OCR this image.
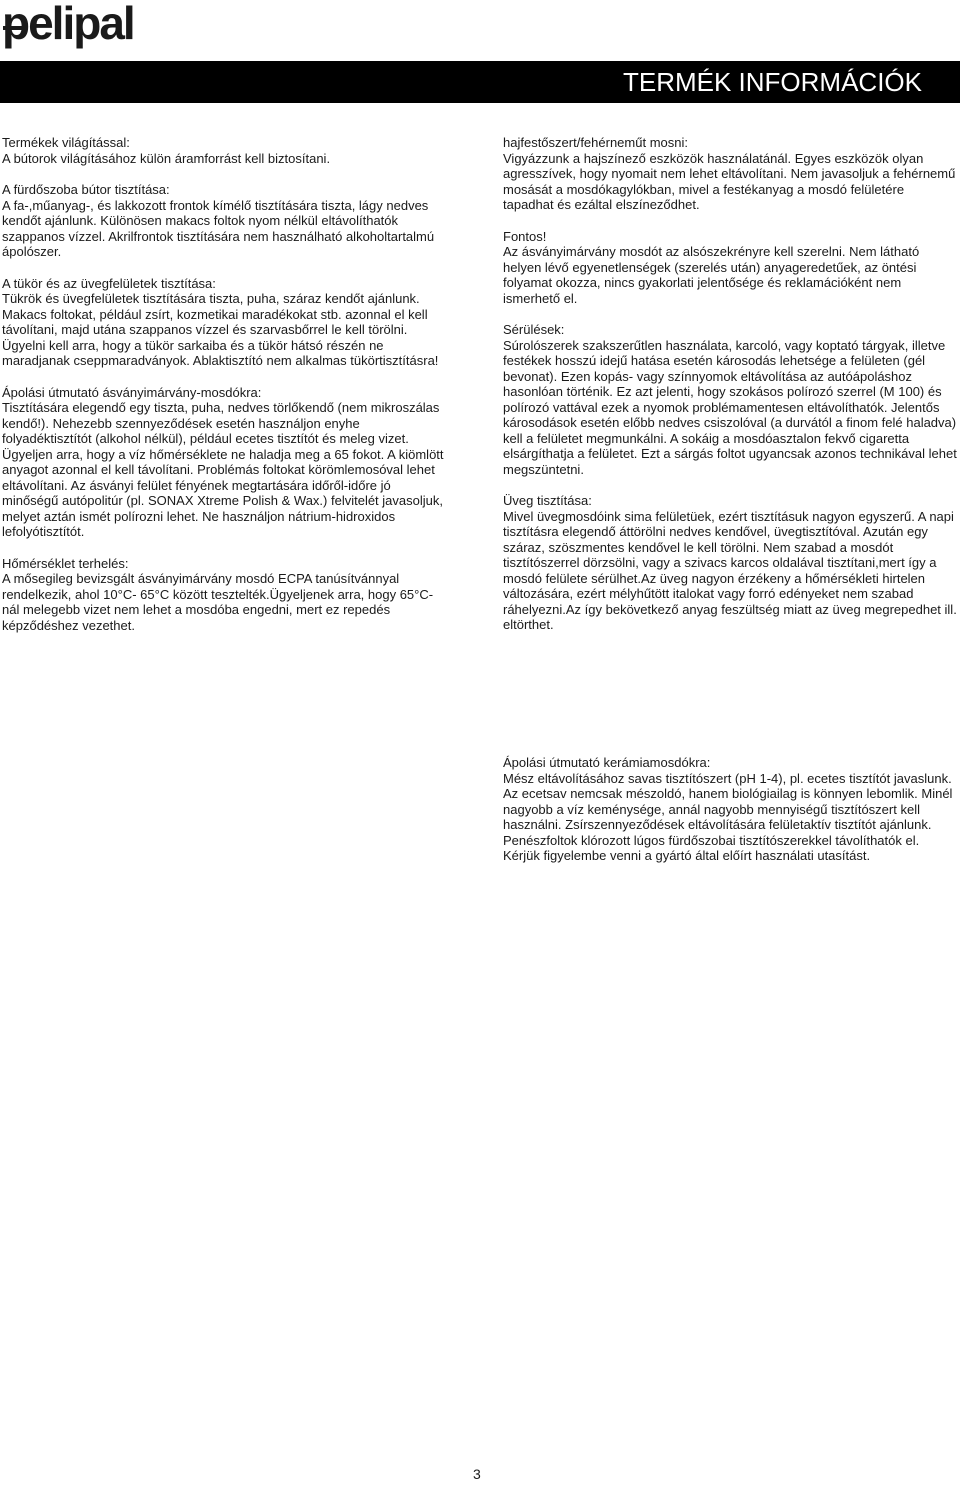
pelipal
TERMÉK INFORMÁCIÓK

Termékek világítással:

A bútorok világításához külön áramforrást kell biztosítani.

A fürdőszoba bútor tisztítása:

A fa-,műanyag-, és lakkozott frontok kímélő tisztítására tiszta, lágy nedves kendőt ajánlunk. Különösen makacs foltok nyom nélkül eltávolíthatók szappanos vízzel. Akrilfrontok tisztítására nem használható alkoholtartalmú ápolószer.

A tükör és az üvegfelületek tisztítása:

Tükrök és üvegfelületek tisztítására tiszta, puha, száraz kendőt ajánlunk. Makacs foltokat, például zsírt, kozmetikai maradékokat stb. azonnal el kell távolítani, majd utána szappanos vízzel és szarvasbőrrel le kell törölni. Ügyelni kell arra, hogy a tükör sarkaiba és a tükör hátsó részén ne maradjanak cseppmaradványok. Ablaktisztító nem alkalmas tükörtisztításra!

Ápolási útmutató ásványimárvány-mosdókra:

Tisztítására elegendő egy tiszta, puha, nedves törlőkendő (nem mikroszálas kendő!). Nehezebb szennyeződések esetén használjon enyhe folyadéktisztítót (alkohol nélkül), például ecetes tisztítót és meleg vizet. Ügyeljen arra, hogy a víz hőmérséklete ne haladja meg a 65 fokot. A kiömlött anyagot azonnal el kell távolítani. Problémás foltokat körömlemosóval lehet eltávolítani. Az ásványi felület fényének megtartására időről-időre jó minőségű autópolitúr (pl. SONAX Xtreme Polish & Wax.) felvitelét javasoljuk, melyet aztán ismét polírozni lehet. Ne használjon nátrium-hidroxidos lefolyótisztítót.

Hőmérséklet terhelés:

A mősegileg bevizsgált ásványimárvány mosdó ECPA tanúsítvánnyal rendelkezik, ahol 10°C- 65°C között tesztelték.Ügyeljenek arra, hogy 65°C-nál melegebb vizet nem lehet a mosdóba engedni, mert ez repedés képződéshez vezethet.

hajfestőszert/fehérneműt mosni:

Vigyázzunk a hajszínező eszközök használatánál. Egyes eszközök olyan agresszívek, hogy nyomait nem lehet eltávolítani. Nem javasoljuk a fehérnemű mosását a mosdókagylókban, mivel a festékanyag a mosdó felületére tapadhat és ezáltal elszíneződhet.

Fontos!

Az ásványimárvány mosdót az alsószekrényre kell szerelni. Nem látható helyen lévő egyenetlenségek (szerelés után) anyageredetűek, az öntési folyamat okozza, nincs gyakorlati jelentősége és reklamációként nem ismerhető el.

Sérülések:

Súrolószerek szakszerűtlen használata, karcoló, vagy koptató tárgyak, illetve festékek hosszú idejű hatása esetén károsodás lehetsége a felületen (gél bevonat). Ezen kopás- vagy színnyomok eltávolítása az autóápoláshoz hasonlóan történik. Ez azt jelenti, hogy szokásos polírozó szerrel (M 100) és polírozó vattával ezek a nyomok problémamentesen eltávolíthatók. Jelentős károsodások esetén előbb nedves csiszolóval (a durvától a finom felé haladva) kell a felületet megmunkálni. A sokáig a mosdóasztalon fekvő cigaretta elsárgíthatja a felületet. Ezt a sárgás foltot ugyancsak azonos technikával lehet megszüntetni.

Üveg tisztítása:

Mivel üvegmosdóink sima felületüek, ezért tisztításuk nagyon egyszerű. A napi tisztításra elegendő áttörölni nedves kendővel, üvegtisztítóval. Azután egy száraz, szöszmentes kendővel le kell törölni. Nem szabad a mosdót tisztítószerrel dörzsölni, vagy a szivacs karcos oldalával tisztítani,mert így a mosdó felülete sérülhet.Az üveg nagyon érzékeny a hőmérsékleti hirtelen változására, ezért mélyhűtött italokat vagy forró edényeket nem szabad ráhelyezni.Az így bekövetkező anyag feszültség miatt az üveg megrepedhet ill. eltörthet.

Ápolási útmutató kerámiamosdókra:

Mész eltávolításához savas tisztítószert (pH 1-4), pl. ecetes tisztítót javaslunk. Az ecetsav nemcsak mészoldó, hanem biológiailag is könnyen lebomlik. Minél nagyobb a víz keménysége, annál nagyobb mennyiségű tisztítószert kell használni. Zsírszennyeződések eltávolítására felületaktív tisztítót ajánlunk. Penészfoltok klórozott lúgos fürdőszobai tisztítószerekkel távolíthatók el. Kérjük figyelembe venni a gyártó által előírt használati utasítást.

3
